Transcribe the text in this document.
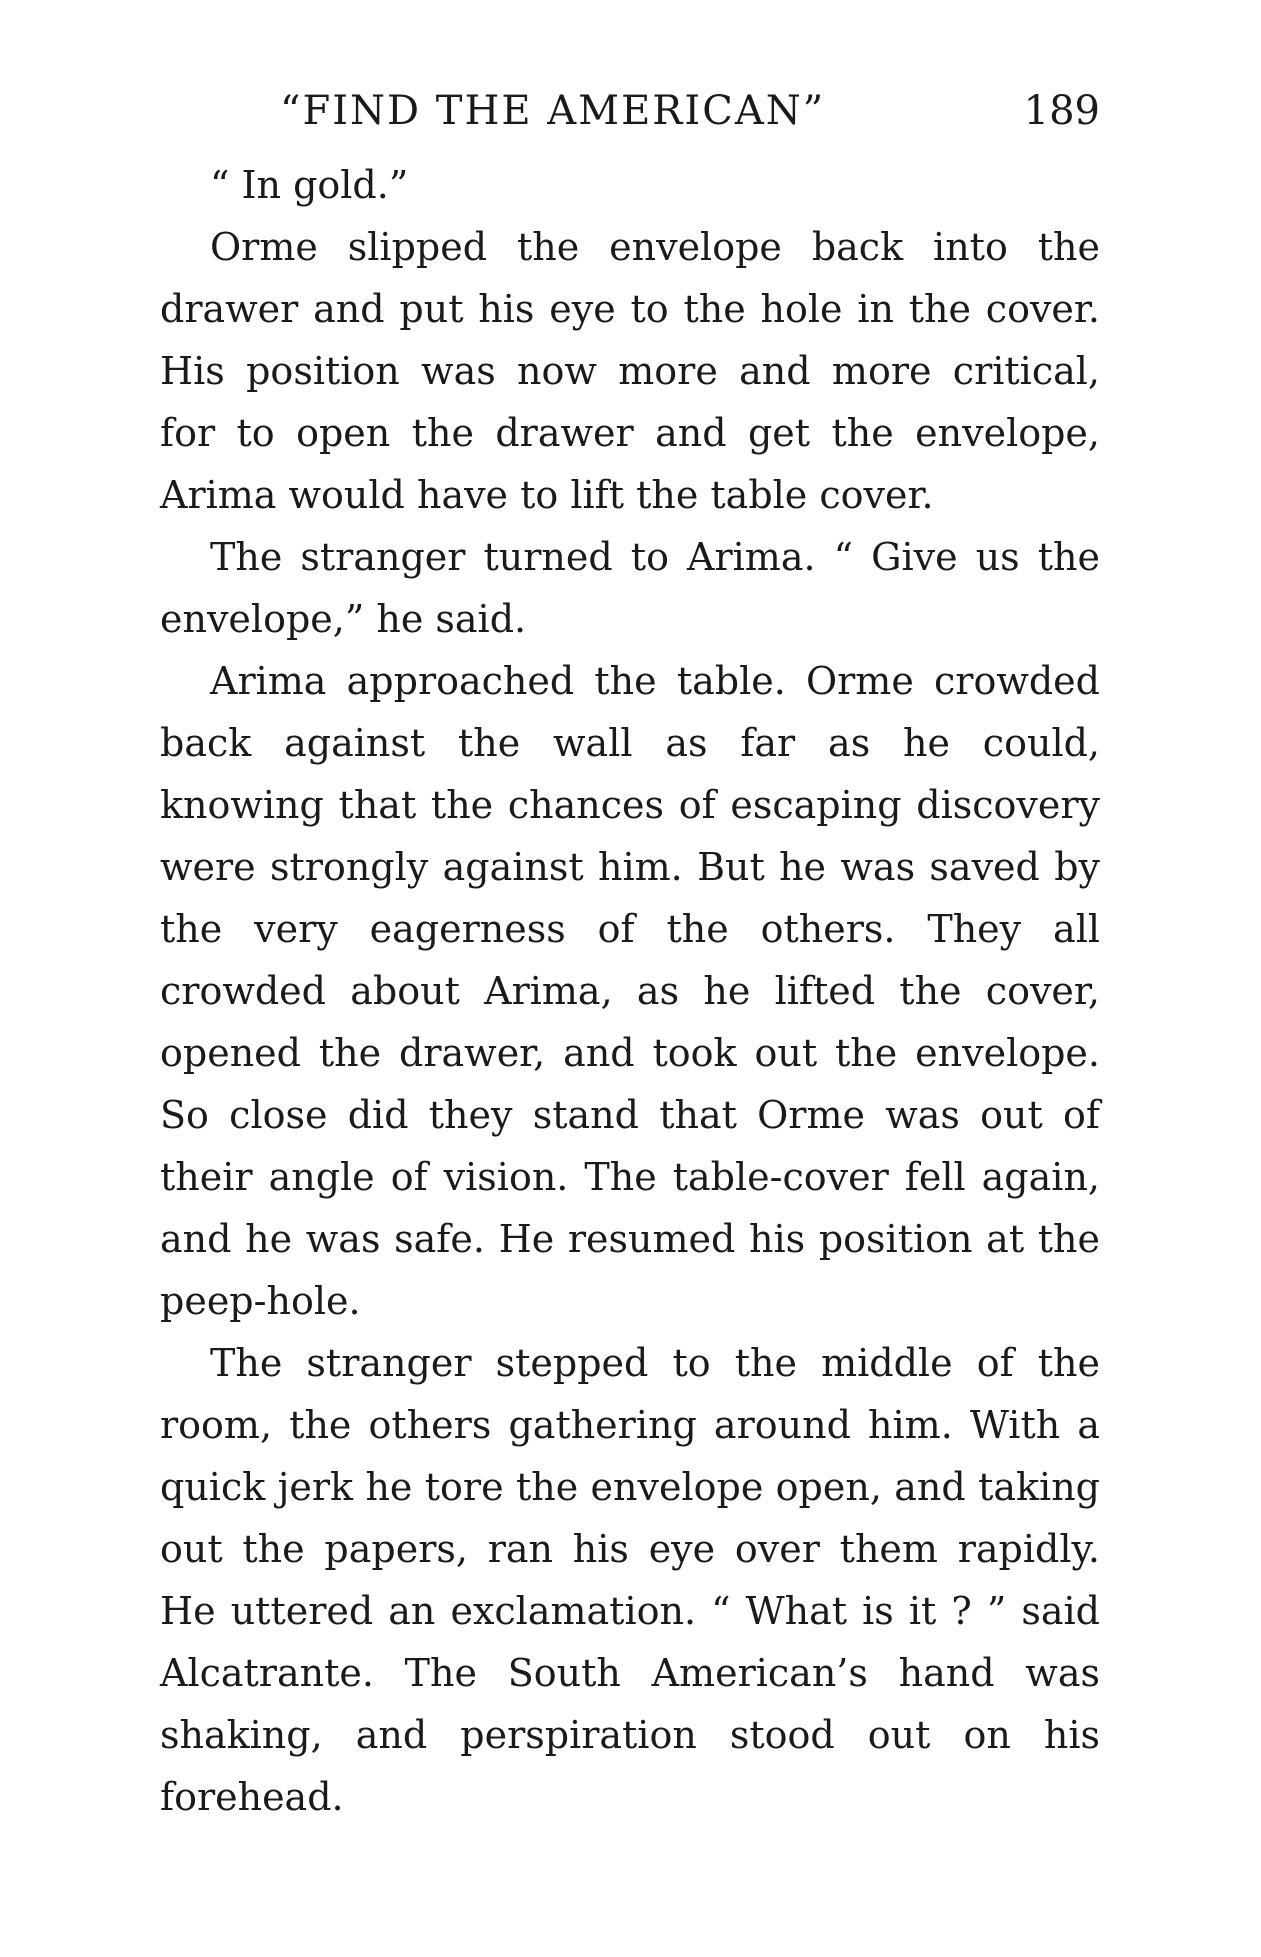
“FIND THE AMERICAN”	189

“ In gold.”

Orme slipped the envelope back into the drawer and put his eye to the hole in the cover. His position was now more and more critical, for to open the drawer and get the envelope, Arima would have to lift the table cover.

The stranger turned to Arima. “ Give us the envelope,” he said.

Arima approached the table. Orme crowded back against the wall as far as he could, knowing that the chances of escaping discovery were strongly against him. But he was saved by the very eagerness of the others. They all crowded about Arima, as he lifted the cover, opened the drawer, and took out the envelope. So close did they stand that Orme was out of their angle of vision. The table-cover fell again, and he was safe. He resumed his position at the peep-hole.

The stranger stepped to the middle of the room, the others gathering around him. With a quick jerk he tore the envelope open, and taking out the papers, ran his eye over them rapidly. He uttered an exclamation. “ What is it ? ” said Alcatrante. The South American’s hand was shaking, and perspiration stood out on his forehead.
